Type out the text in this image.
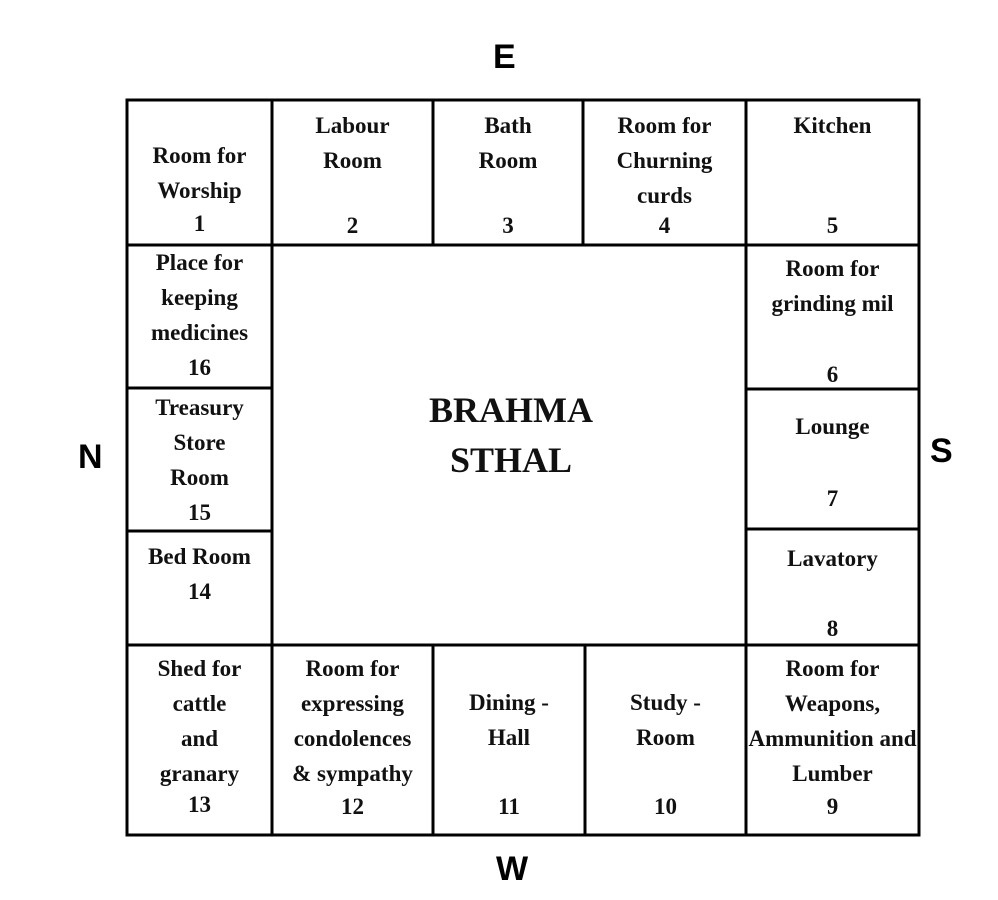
E
W
N	S
BRAHMA
STHAL
Room for
Worship
1
Labour
Room
2
Bath
Room
3
Room for
Churning
curds
4
Kitchen
5
Room for
grinding mil
6
Lounge
7
Lavatory
8
Room for
Weapons,
Ammunition and
Lumber
9
Study -
Room
10
Dining -
Hall
11
Room for
expressing
condolences
& sympathy
12
Shed for
cattle
and
granary
13
Bed Room
14
Treasury
Store
Room
15
Place for
keeping
medicines
16
